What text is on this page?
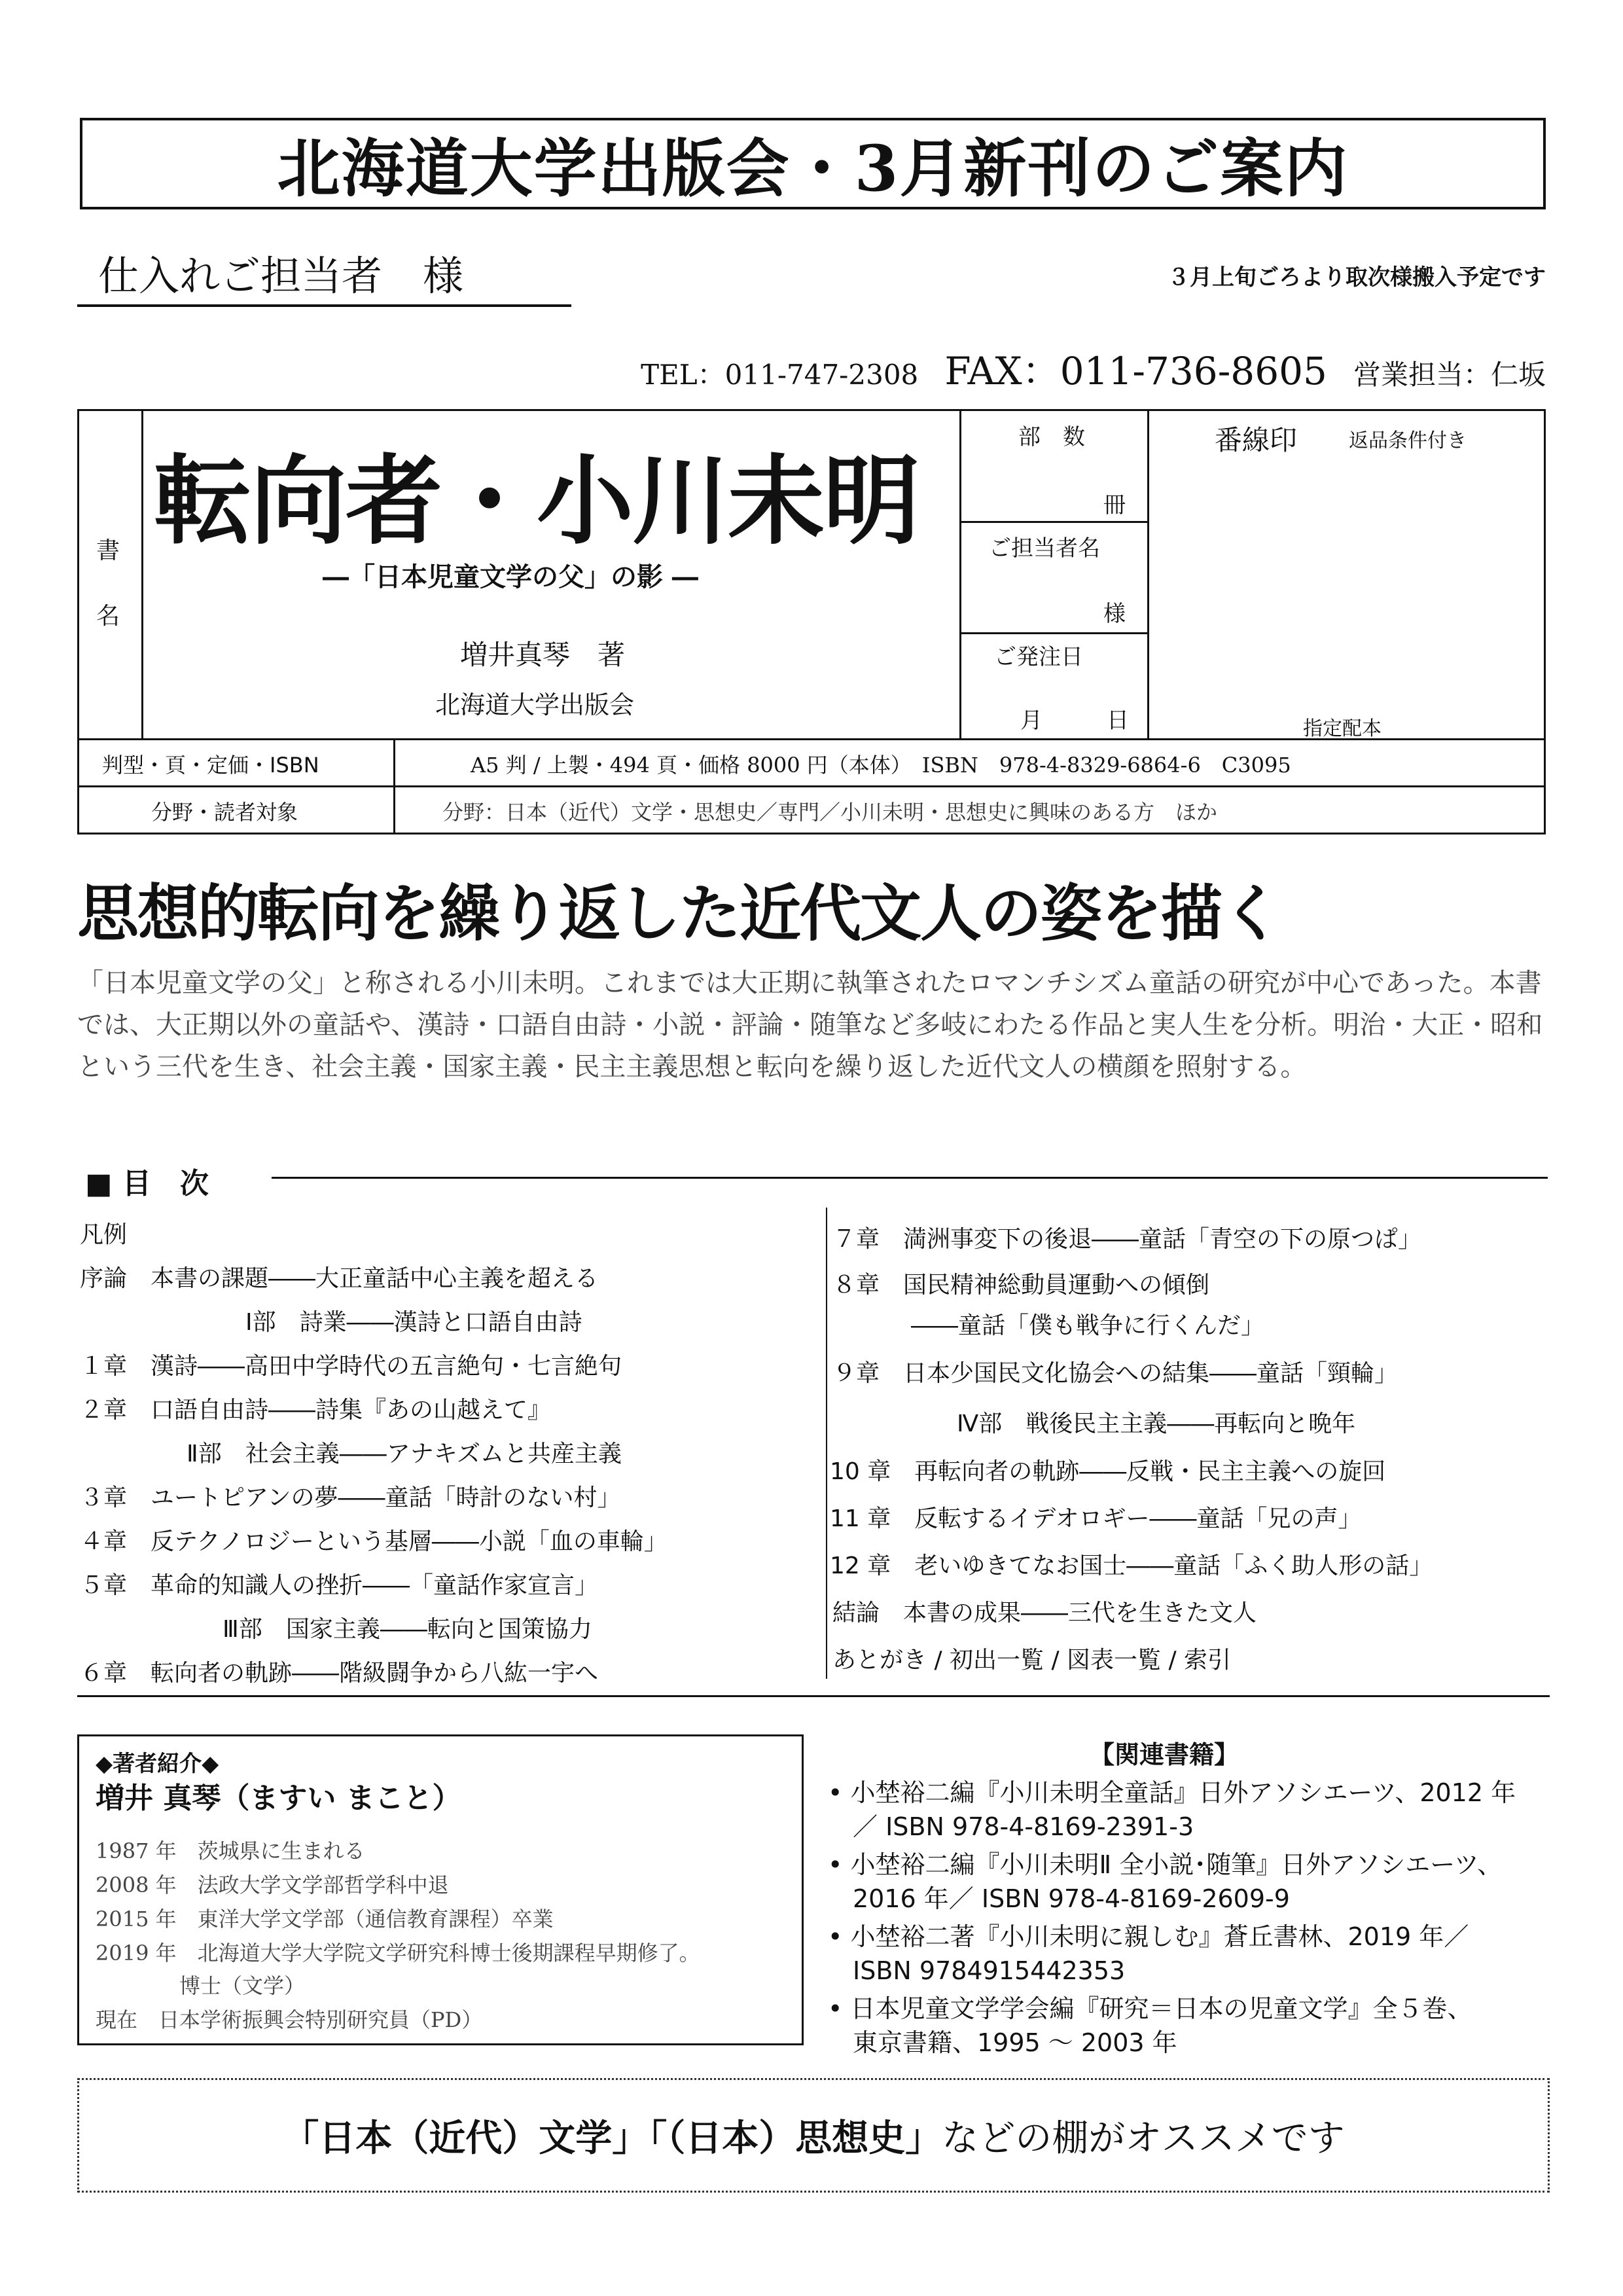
北海道大学出版会・3月新刊のご案内
仕入れご担当者　様	３月上旬ごろより取次様搬入予定です
TEL：011-747-2308 FAX：011-736-8605 営業担当：仁坂
書
名
転向者・小川未明
―「日本児童文学の父」の影 ―
増井真琴　著
北海道大学出版会
部　数
冊
ご担当者名
様
ご発注日
月	日
番線印	返品条件付き
指定配本
判型・頁・定価・ISBN	A5 判 / 上製・494 頁・価格 8000 円（本体）　ISBN　978-4-8329-6864-6　C3095
分野・読者対象	分野：日本（近代）文学・思想史／専門／小川未明・思想史に興味のある方　ほか
思想的転向を繰り返した近代文人の姿を描く
「日本児童文学の父」と称される小川未明。これまでは大正期に執筆されたロマンチシズム童話の研究が中心であった。本書では、大正期以外の童話や、漢詩・口語自由詩・小説・評論・随筆など多岐にわたる作品と実人生を分析。明治・大正・昭和という三代を生き、社会主義・国家主義・民主主義思想と転向を繰り返した近代文人の横顔を照射する。
■ 目　次
凡例
序論　本書の課題――大正童話中心主義を超える
Ⅰ部　詩業――漢詩と口語自由詩
１章　漢詩――高田中学時代の五言絶句・七言絶句
２章　口語自由詩――詩集『あの山越えて』
Ⅱ部　社会主義――アナキズムと共産主義
３章　ユートピアンの夢――童話「時計のない村」
４章　反テクノロジーという基層――小説「血の車輪」
５章　革命的知識人の挫折――「童話作家宣言」
Ⅲ部　国家主義――転向と国策協力
６章　転向者の軌跡――階級闘争から八紘一宇へ
７章　満洲事変下の後退――童話「青空の下の原つぱ」
８章　国民精神総動員運動への傾倒
――童話「僕も戦争に行くんだ」
９章　日本少国民文化協会への結集――童話「頸輪」
Ⅳ部　戦後民主主義――再転向と晩年
10 章　再転向者の軌跡――反戦・民主主義への旋回
11 章　反転するイデオロギー――童話「兄の声」
12 章　老いゆきてなお国士――童話「ふく助人形の話」
結論　本書の成果――三代を生きた文人
あとがき / 初出一覧 / 図表一覧 / 索引
◆著者紹介◆
増井 真琴（ますい まこと）
1987 年　茨城県に生まれる
2008 年　法政大学文学部哲学科中退
2015 年　東洋大学文学部（通信教育課程）卒業
2019 年　北海道大学大学院文学研究科博士後期課程早期修了。
　　　　博士（文学）
現在　日本学術振興会特別研究員（PD）
【関連書籍】
• 小埜裕二編『小川未明全童話』日外アソシエーツ、2012 年
　／ ISBN 978-4-8169-2391-3
• 小埜裕二編『小川未明Ⅱ 全小説･随筆』日外アソシエーツ、
　2016 年／ ISBN 978-4-8169-2609-9
• 小埜裕二著『小川未明に親しむ』蒼丘書林、2019 年／
　ISBN 9784915442353
• 日本児童文学学会編『研究＝日本の児童文学』全５巻、
　東京書籍、1995 ～ 2003 年
「日本（近代）文学」「（日本）思想史」 などの棚がオススメです
